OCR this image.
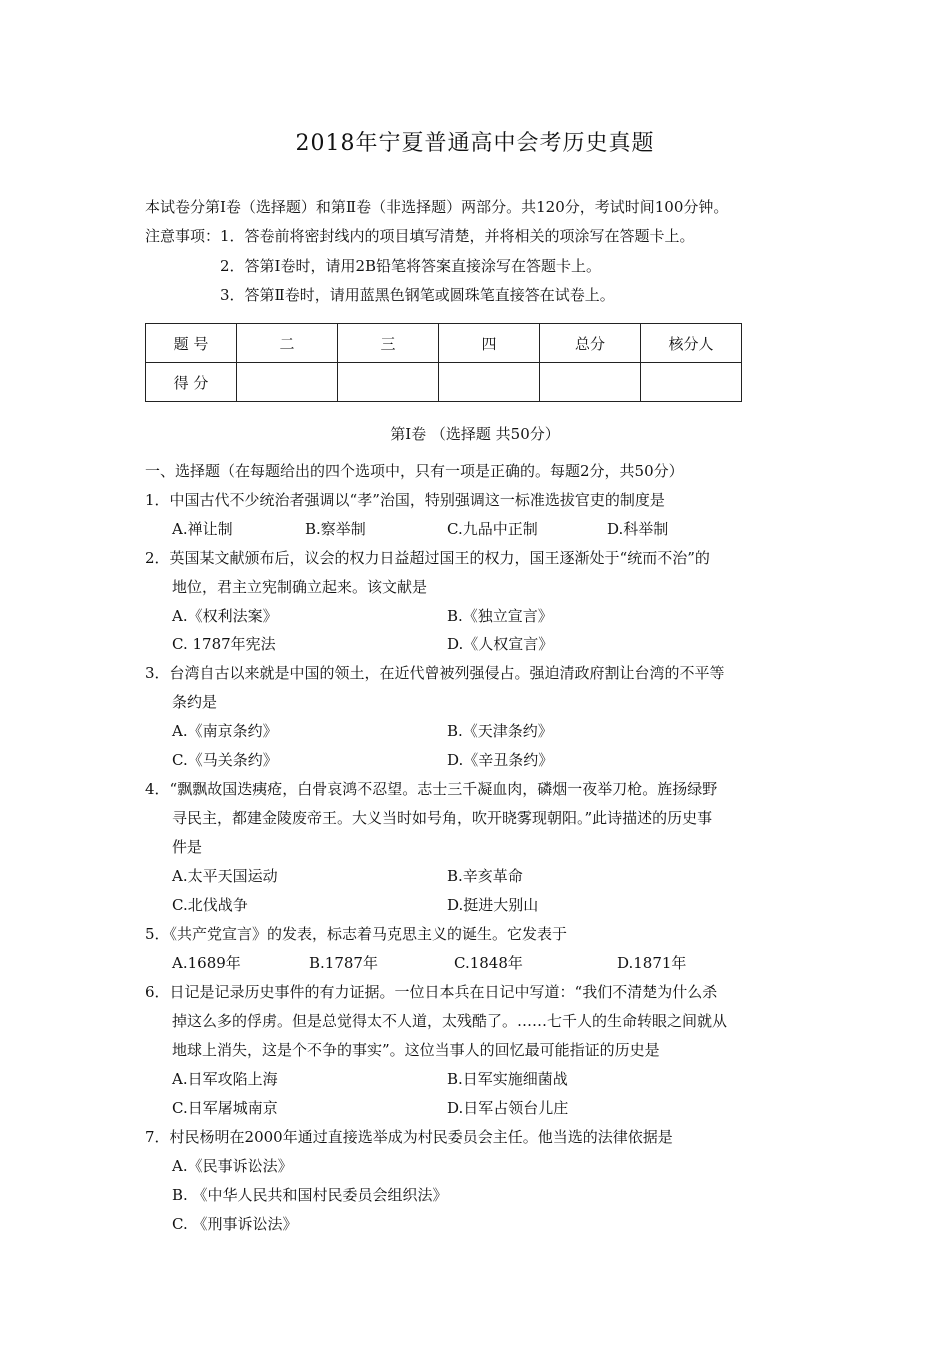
2018年宁夏普通高中会考历史真题
本试卷分第Ⅰ卷（选择题）和第Ⅱ卷（非选择题）两部分。共120分，考试时间100分钟。
注意事项：1．答卷前将密封线内的项目填写清楚，并将相关的项涂写在答题卡上。
2．答第Ⅰ卷时，请用2B铅笔将答案直接涂写在答题卡上。
3．答第Ⅱ卷时，请用蓝黑色钢笔或圆珠笔直接答在试卷上。
题 号	二	三	四	总分	核分人
得 分					
第Ⅰ卷 （选择题 共50分）
一、选择题（在每题给出的四个选项中，只有一项是正确的。每题2分，共50分）
1．中国古代不少统治者强调以“孝”治国，特别强调这一标准选拔官吏的制度是
A.禅让制	B.察举制	C.九品中正制	D.科举制
2．英国某文献颁布后，议会的权力日益超过国王的权力，国王逐渐处于“统而不治”的
地位，君主立宪制确立起来。该文献是
A.《权利法案》	B.《独立宣言》
C. 1787年宪法	D.《人权宣言》
3．台湾自古以来就是中国的领土，在近代曾被列强侵占。强迫清政府割让台湾的不平等
条约是
A.《南京条约》	B.《天津条约》
C.《马关条约》	D.《辛丑条约》
4．“飘飘故国迭痍疮，白骨哀鸿不忍望。志士三千凝血肉，磷烟一夜举刀枪。旌扬绿野
寻民主，都建金陵废帝王。大义当时如号角，吹开晓雾现朝阳。”此诗描述的历史事
件是
A.太平天国运动	B.辛亥革命
C.北伐战争	D.挺进大别山
5．《共产党宣言》的发表，标志着马克思主义的诞生。它发表于
A.1689年	B.1787年	C.1848年	D.1871年
6．日记是记录历史事件的有力证据。一位日本兵在日记中写道：“我们不清楚为什么杀
掉这么多的俘虏。但是总觉得太不人道，太残酷了。……七千人的生命转眼之间就从
地球上消失，这是个不争的事实”。这位当事人的回忆最可能指证的历史是
A.日军攻陷上海	B.日军实施细菌战
C.日军屠城南京	D.日军占领台儿庄
7．村民杨明在2000年通过直接选举成为村民委员会主任。他当选的法律依据是
A.《民事诉讼法》
B. 《中华人民共和国村民委员会组织法》
C. 《刑事诉讼法》
